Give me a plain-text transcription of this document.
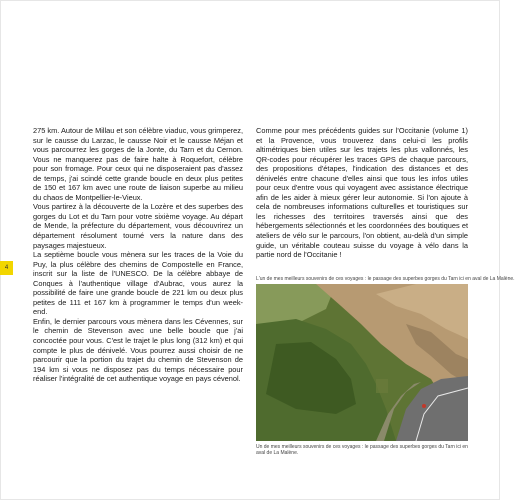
275 km. Autour de Millau et son célèbre viaduc, vous grimperez, sur le causse du Larzac, le causse Noir et le causse Méjan et vous parcourrez les gorges de la Jonte, du Tarn et du Cernon. Vous ne manquerez pas de faire halte à Roquefort, célèbre pour son fromage. Pour ceux qui ne disposeraient pas d'assez de temps, j'ai scindé cette grande boucle en deux plus petites de 150 et 167 km avec une route de liaison superbe au milieu du chaos de Montpellier-le-Vieux.

Vous partirez à la découverte de la Lozère et des superbes des gorges du Lot et du Tarn pour votre sixième voyage. Au départ de Mende, la préfecture du département, vous découvrirez un département résolument tourné vers la nature dans des paysages majestueux.

La septième boucle vous mènera sur les traces de la Voie du Puy, la plus célèbre des chemins de Compostelle en France, inscrit sur la liste de l'UNESCO. De la célèbre abbaye de Conques à l'authentique village d'Aubrac, vous aurez la possibilité de faire une grande boucle de 221 km ou deux plus petites de 111 et 167 km à programmer le temps d'un week-end.

Enfin, le dernier parcours vous mènera dans les Cévennes, sur le chemin de Stevenson avec une belle boucle que j'ai concoctée pour vous. C'est le trajet le plus long (312 km) et qui compte le plus de dénivelé. Vous pourrez aussi choisir de ne parcourir que la portion du trajet du chemin de Stevenson de 194 km si vous ne disposez pas du temps nécessaire pour réaliser l'intégralité de cet authentique voyage en pays cévenol.

4

Comme pour mes précédents guides sur l'Occitanie (volume 1) et la Provence, vous trouverez dans celui-ci les profils altimétriques bien utiles sur les trajets les plus vallonnés, les QR-codes pour récupérer les traces GPS de chaque parcours, des propositions d'étapes, l'indication des distances et des dénivelés entre chacune d'elles ainsi que tous les infos utiles pour ceux d'entre vous qui voyagent avec assistance électrique afin de les aider à mieux gérer leur autonomie. Si l'on ajoute à cela de nombreuses informations culturelles et touristiques sur les richesses des territoires traversés ainsi que des hébergements sélectionnés et les coordonnées des boutiques et ateliers de vélo sur le parcours, l'on obtient, au-delà d'un simple guide, un véritable couteau suisse du voyage à vélo dans la partie nord de l'Occitanie !

L'un de mes meilleurs souvenirs de ces voyages : le passage des superbes gorges du Tarn ici en aval de La Malène.
Un de mes meilleurs souvenirs de ces voyages : le passage des superbes gorges du Tarn ici en aval de La Malène.
